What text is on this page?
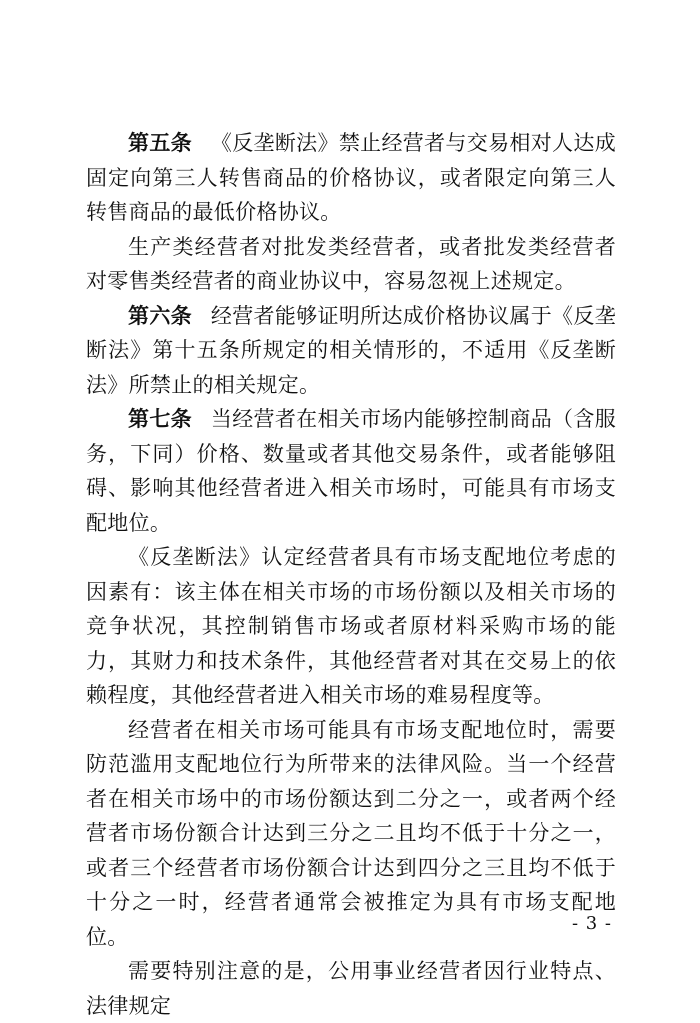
第五条 《反垄断法》禁止经营者与交易相对人达成固定向第三人转售商品的价格协议，或者限定向第三人转售商品的最低价格协议。

生产类经营者对批发类经营者，或者批发类经营者对零售类经营者的商业协议中，容易忽视上述规定。

第六条 经营者能够证明所达成价格协议属于《反垄断法》第十五条所规定的相关情形的，不适用《反垄断法》所禁止的相关规定。

第七条 当经营者在相关市场内能够控制商品（含服务，下同）价格、数量或者其他交易条件，或者能够阻碍、影响其他经营者进入相关市场时，可能具有市场支配地位。

《反垄断法》认定经营者具有市场支配地位考虑的因素有：该主体在相关市场的市场份额以及相关市场的竞争状况，其控制销售市场或者原材料采购市场的能力，其财力和技术条件，其他经营者对其在交易上的依赖程度，其他经营者进入相关市场的难易程度等。

经营者在相关市场可能具有市场支配地位时，需要防范滥用支配地位行为所带来的法律风险。当一个经营者在相关市场中的市场份额达到二分之一，或者两个经营者市场份额合计达到三分之二且均不低于十分之一，或者三个经营者市场份额合计达到四分之三且均不低于十分之一时，经营者通常会被推定为具有市场支配地位。

需要特别注意的是，公用事业经营者因行业特点、法律规定

- 3 -
